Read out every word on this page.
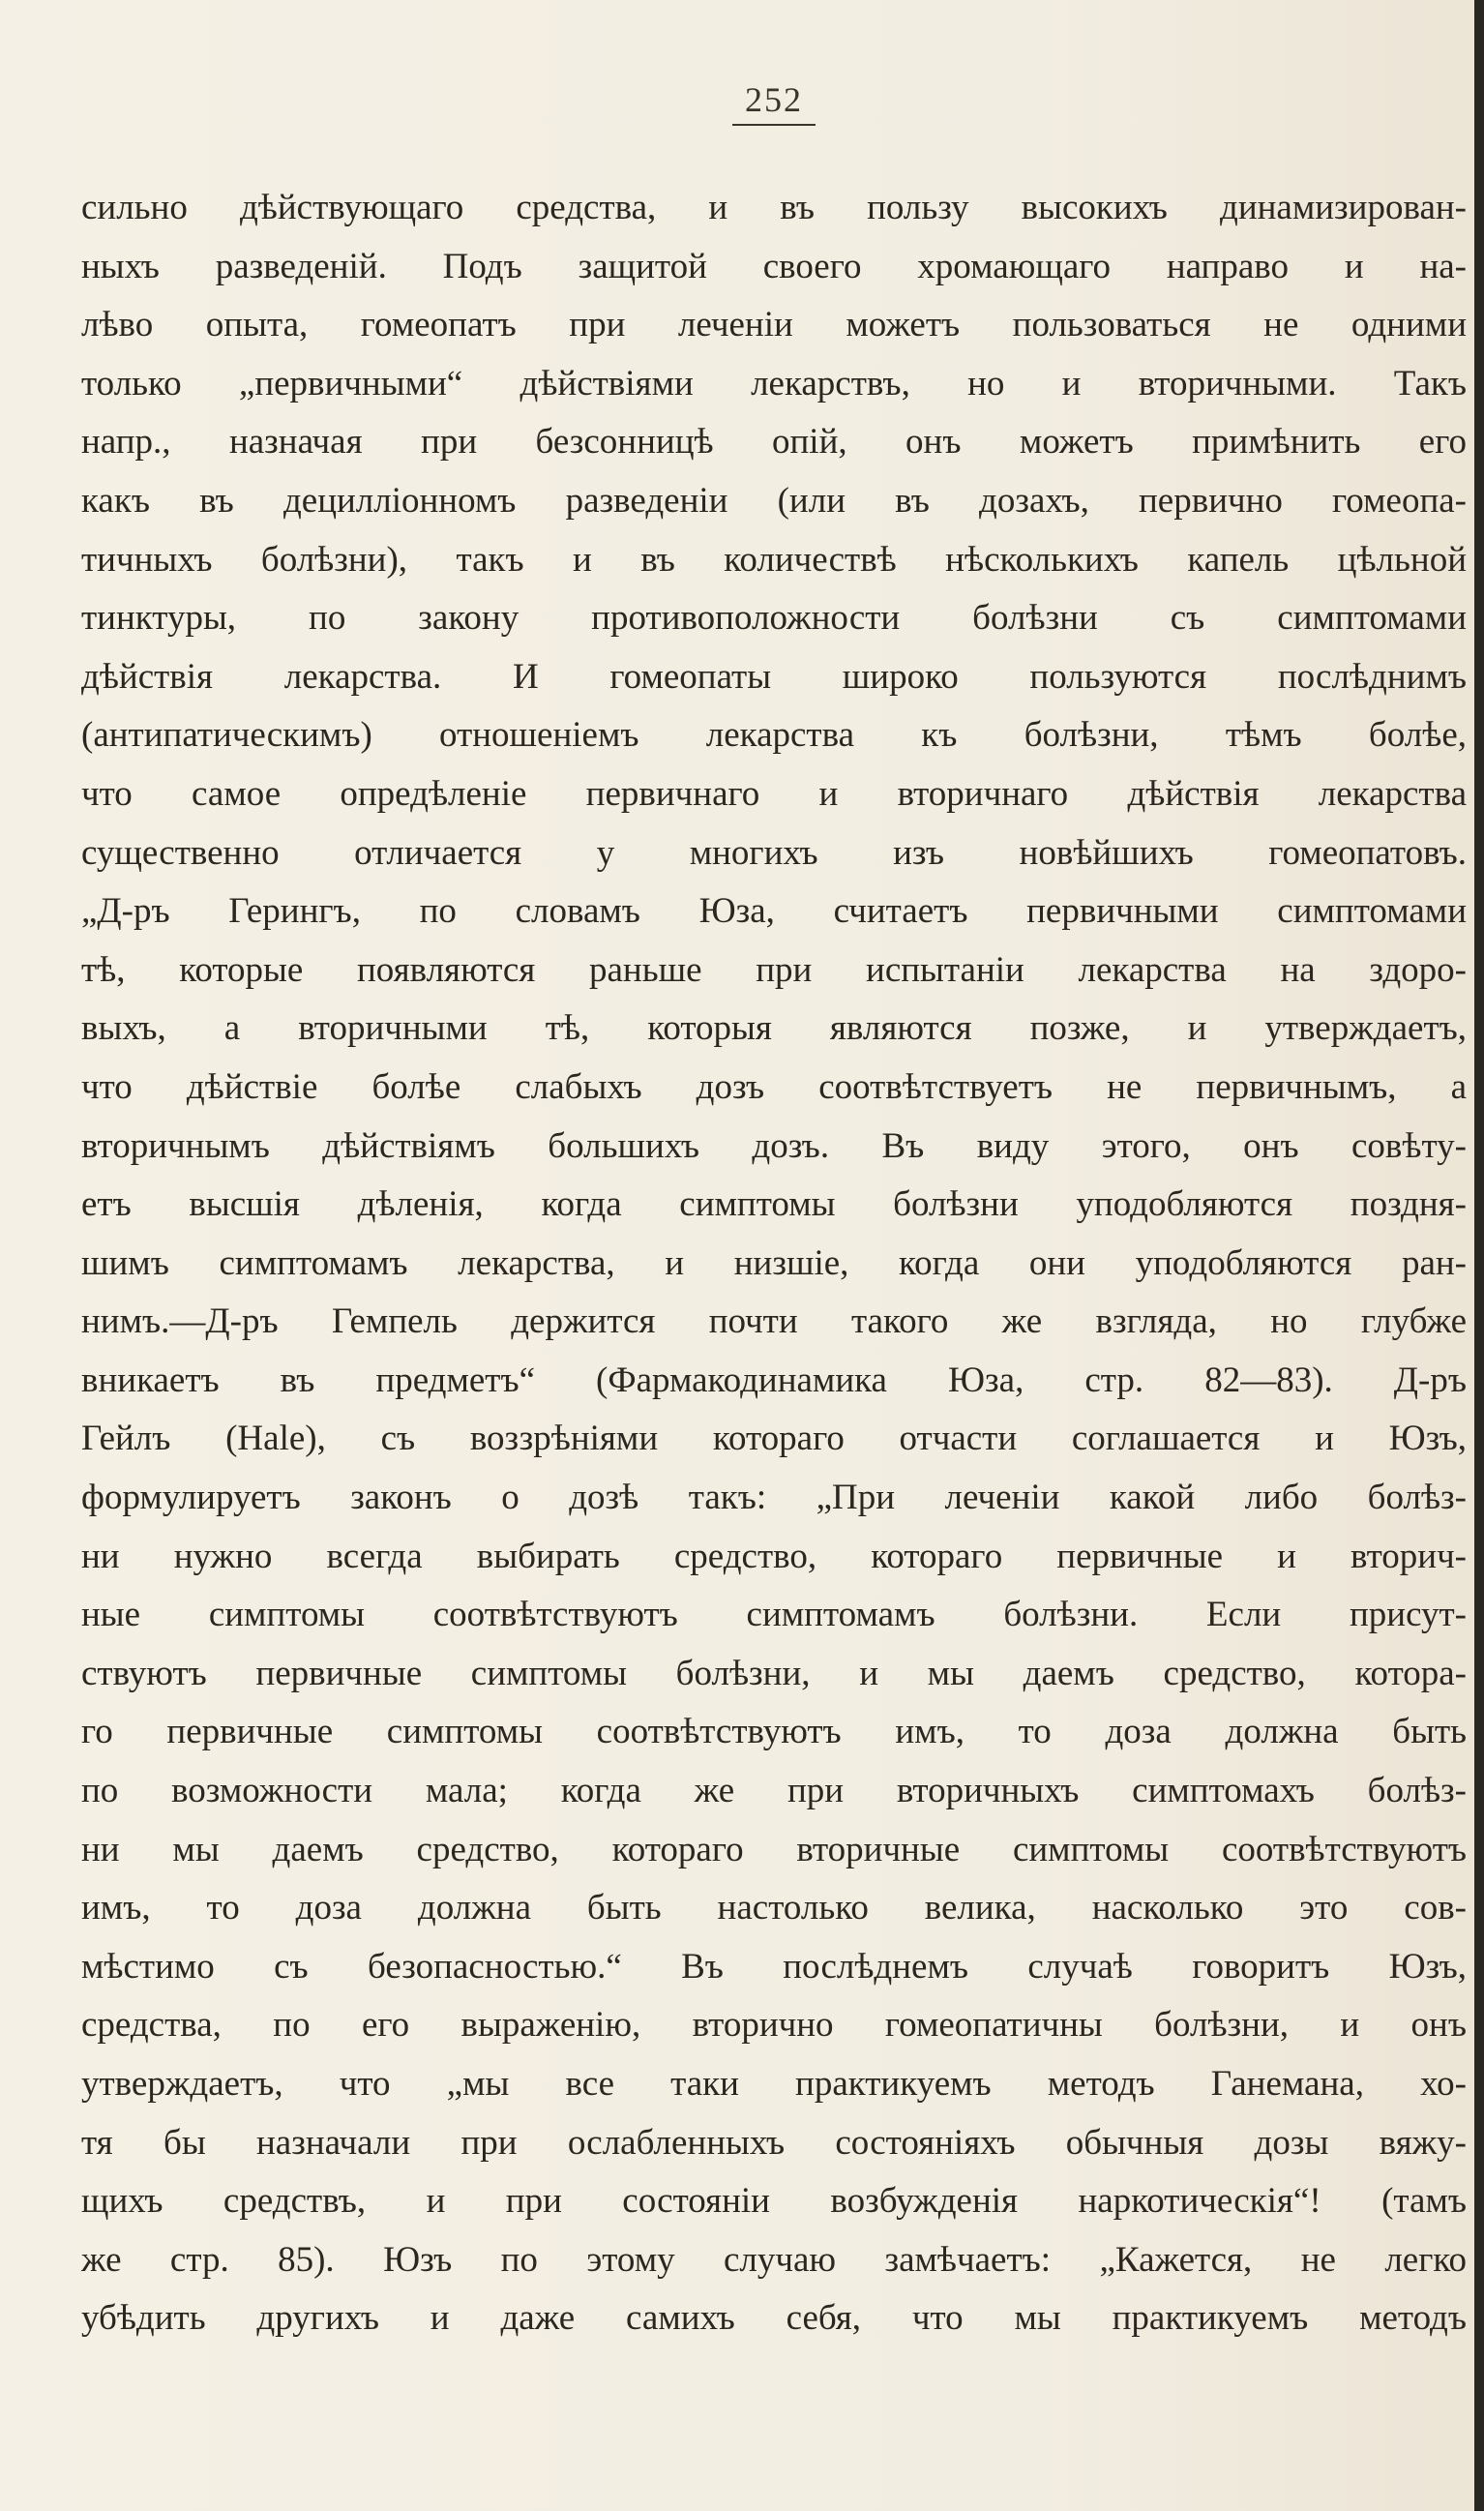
252
сильно дѣйствующаго средства, и въ пользу высокихъ динамизирован-
ныхъ разведеній. Подъ защитой своего хромающаго направо и на-
лѣво опыта, гомеопатъ при леченіи можетъ пользоваться не одними
только „первичными“ дѣйствіями лекарствъ, но и вторичными. Такъ
напр., назначая при безсонницѣ опій, онъ можетъ примѣнить его
какъ въ децилліонномъ разведеніи (или въ дозахъ, первично гомеопа-
тичныхъ болѣзни), такъ и въ количествѣ нѣсколькихъ капель цѣльной
тинктуры, по закону противоположности болѣзни съ симптомами
дѣйствія лекарства. И гомеопаты широко пользуются послѣднимъ
(антипатическимъ) отношеніемъ лекарства къ болѣзни, тѣмъ болѣе,
что самое опредѣленіе первичнаго и вторичнаго дѣйствія лекарства
существенно отличается у многихъ изъ новѣйшихъ гомеопатовъ.
„Д-ръ Герингъ, по словамъ Юза, считаетъ первичными симптомами
тѣ, которые появляются раньше при испытаніи лекарства на здоро-
выхъ, а вторичными тѣ, которыя являются позже, и утверждаетъ,
что дѣйствіе болѣе слабыхъ дозъ соотвѣтствуетъ не первичнымъ, а
вторичнымъ дѣйствіямъ большихъ дозъ. Въ виду этого, онъ совѣту-
етъ высшія дѣленія, когда симптомы болѣзни уподобляются поздня-
шимъ симптомамъ лекарства, и низшіе, когда они уподобляются ран-
нимъ.—Д-ръ Гемпель держится почти такого же взгляда, но глубже
вникаетъ въ предметъ“ (Фармакодинамика Юза, стр. 82—83). Д-ръ
Гейлъ (Hale), съ воззрѣніями котораго отчасти соглашается и Юзъ,
формулируетъ законъ о дозѣ такъ: „При леченіи какой либо болѣз-
ни нужно всегда выбирать средство, котораго первичные и вторич-
ные симптомы соотвѣтствуютъ симптомамъ болѣзни. Если присут-
ствуютъ первичные симптомы болѣзни, и мы даемъ средство, которa-
го первичные симптомы соотвѣтствуютъ имъ, то доза должна быть
по возможности мала; когда же при вторичныхъ симптомахъ болѣз-
ни мы даемъ средство, котораго вторичные симптомы соотвѣтствуютъ
имъ, то доза должна быть настолько велика, насколько это сов-
мѣстимо съ безопасностью.“ Въ послѣднемъ случаѣ говоритъ Юзъ,
средства, по его выраженію, вторично гомеопатичны болѣзни, и онъ
утверждаетъ, что „мы все таки практикуемъ методъ Ганемана, хо-
тя бы назначали при ослабленныхъ состояніяхъ обычныя дозы вяжу-
щихъ средствъ, и при состояніи возбужденія наркотическія“! (тамъ
же стр. 85). Юзъ по этому случаю замѣчаетъ: „Кажется, не легко
убѣдить другихъ и даже самихъ себя, что мы практикуемъ методъ
